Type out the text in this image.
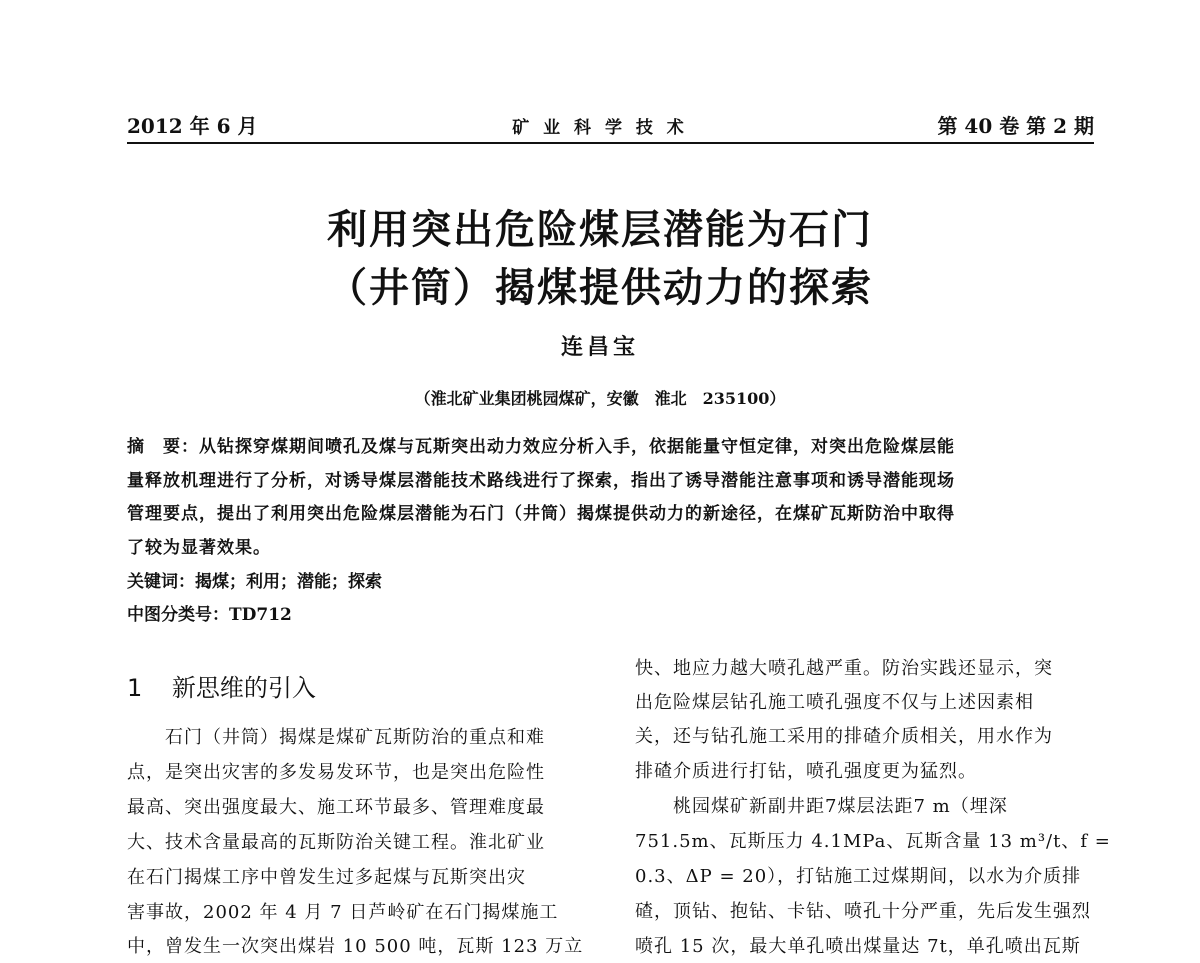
2012 年 6 月	矿 业 科 学 技 术	第 40 卷 第 2 期
利用突出危险煤层潜能为石门
（井筒）揭煤提供动力的探索
连昌宝
（淮北矿业集团桃园煤矿，安徽　淮北　235100）
摘　要：从钻探穿煤期间喷孔及煤与瓦斯突出动力效应分析入手，依据能量守恒定律，对突出危险煤层能
量释放机理进行了分析，对诱导煤层潜能技术路线进行了探索，指出了诱导潜能注意事项和诱导潜能现场
管理要点，提出了利用突出危险煤层潜能为石门（井筒）揭煤提供动力的新途径，在煤矿瓦斯防治中取得
了较为显著效果。
关键词：揭煤；利用；潜能；探索
中图分类号：TD712
1 新思维的引入
　　石门（井筒）揭煤是煤矿瓦斯防治的重点和难
点，是突出灾害的多发易发环节，也是突出危险性
最高、突出强度最大、施工环节最多、管理难度最
大、技术含量最高的瓦斯防治关键工程。淮北矿业
在石门揭煤工序中曾发生过多起煤与瓦斯突出灾
害事故，2002 年 4 月 7 日芦岭矿在石门揭煤施工
中，曾发生一次突出煤岩 10 500 吨，瓦斯 123 万立
快、地应力越大喷孔越严重。防治实践还显示，突
出危险煤层钻孔施工喷孔强度不仅与上述因素相
关，还与钻孔施工采用的排碴介质相关，用水作为
排碴介质进行打钻，喷孔强度更为猛烈。
　　桃园煤矿新副井距7煤层法距7 m（埋深
751.5m、瓦斯压力 4.1MPa、瓦斯含量 13 m³/t、f =
0.3、ΔP = 20），打钻施工过煤期间，以水为介质排
碴，顶钻、抱钻、卡钻、喷孔十分严重，先后发生强烈
喷孔 15 次，最大单孔喷出煤量达 7t，单孔喷出瓦斯
